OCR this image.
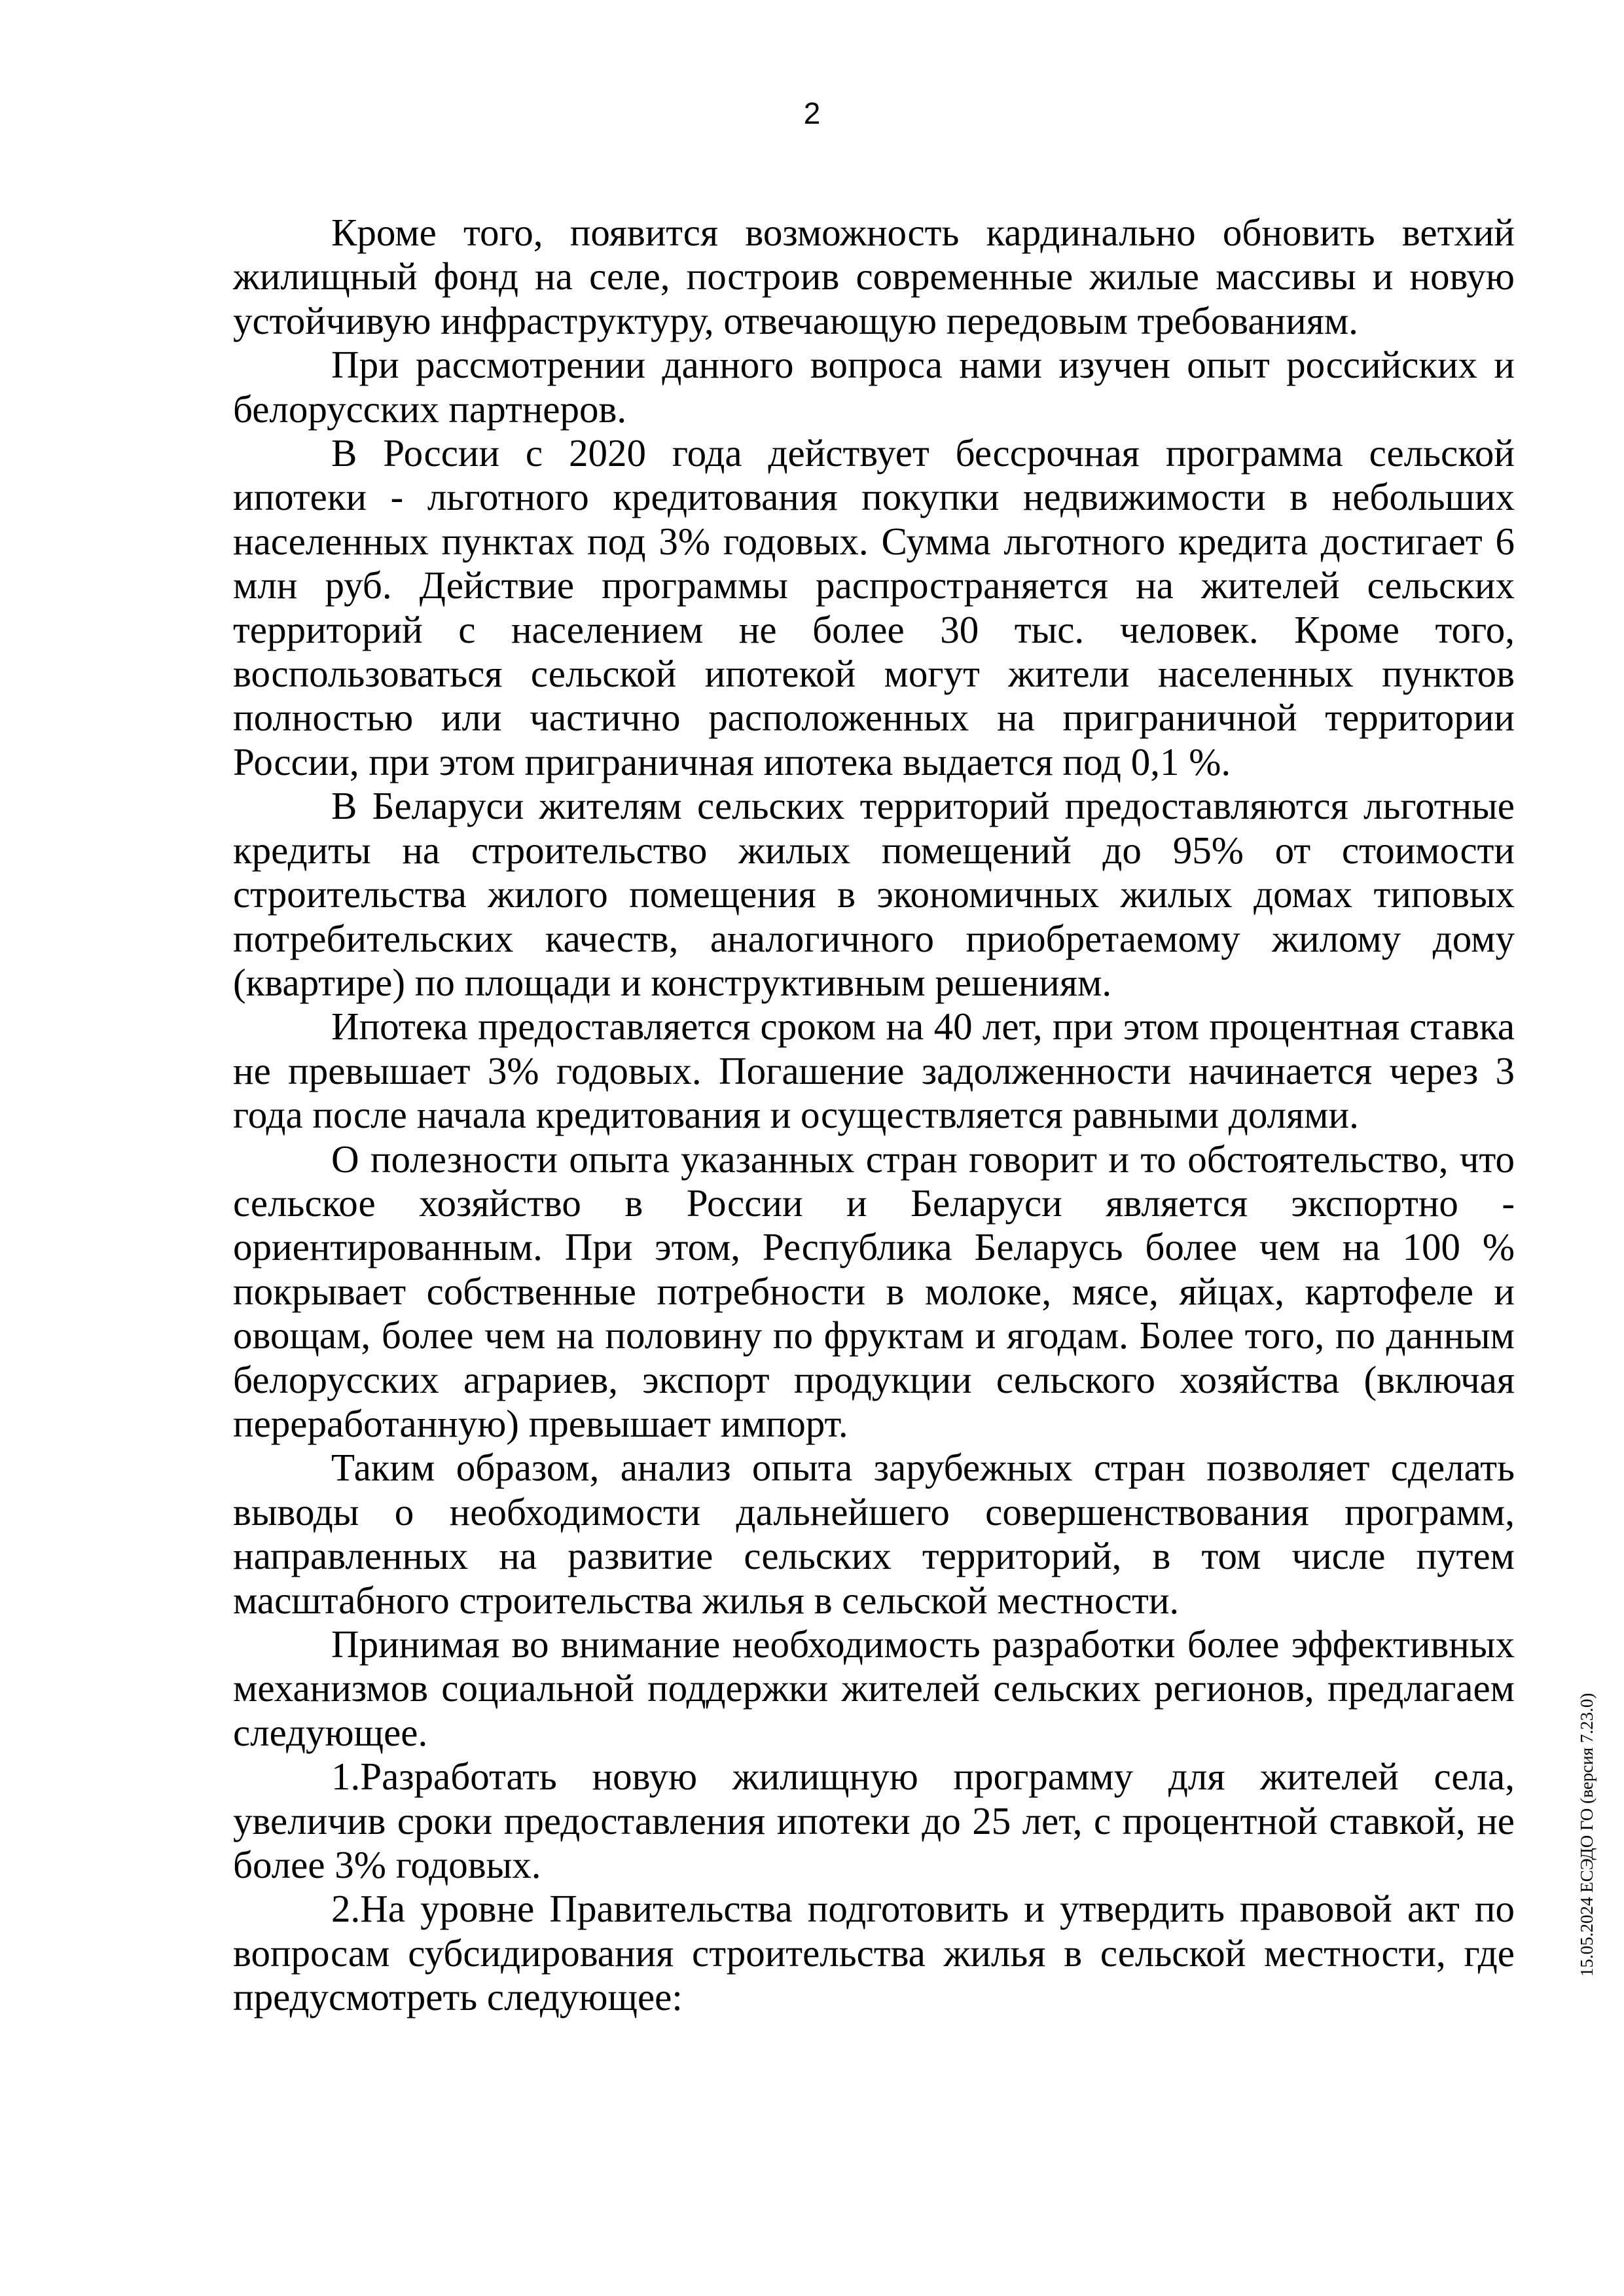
2

Кроме того, появится возможность кардинально обновить ветхий жилищный фонд на селе, построив современные жилые массивы и новую устойчивую инфраструктуру, отвечающую передовым требованиям.

При рассмотрении данного вопроса нами изучен опыт российских и белорусских партнеров.

В России с 2020 года действует бессрочная программа сельской ипотеки - льготного кредитования покупки недвижимости в небольших населенных пунктах под 3% годовых. Сумма льготного кредита достигает 6 млн руб. Действие программы распространяется на жителей сельских территорий с населением не более 30 тыс. человек. Кроме того, воспользоваться сельской ипотекой могут жители населенных пунктов полностью или частично расположенных на приграничной территории России, при этом приграничная ипотека выдается под 0,1 %.

В Беларуси жителям сельских территорий предоставляются льготные кредиты на строительство жилых помещений до 95% от стоимости строительства жилого помещения в экономичных жилых домах типовых потребительских качеств, аналогичного приобретаемому жилому дому (квартире) по площади и конструктивным решениям.

Ипотека предоставляется сроком на 40 лет, при этом процентная ставка не превышает 3% годовых. Погашение задолженности начинается через 3 года после начала кредитования и осуществляется равными долями.

О полезности опыта указанных стран говорит и то обстоятельство, что сельское хозяйство в России и Беларуси является экспортно - ориентированным. При этом, Республика Беларусь более чем на 100 % покрывает собственные потребности в молоке, мясе, яйцах, картофеле и овощам, более чем на половину по фруктам и ягодам. Более того, по данным белорусских аграриев, экспорт продукции сельского хозяйства (включая переработанную) превышает импорт.

Таким образом, анализ опыта зарубежных стран позволяет сделать выводы о необходимости дальнейшего совершенствования программ, направленных на развитие сельских территорий, в том числе путем масштабного строительства жилья в сельской местности.

Принимая во внимание необходимость разработки более эффективных механизмов социальной поддержки жителей сельских регионов, предлагаем следующее.

1.Разработать новую жилищную программу для жителей села, увеличив сроки предоставления ипотеки до 25 лет, с процентной ставкой, не более 3% годовых.

2.На уровне Правительства подготовить и утвердить правовой акт по вопросам субсидирования строительства жилья в сельской местности, где предусмотреть следующее:

15.05.2024 ЕСЭДО ГО (версия 7.23.0)
